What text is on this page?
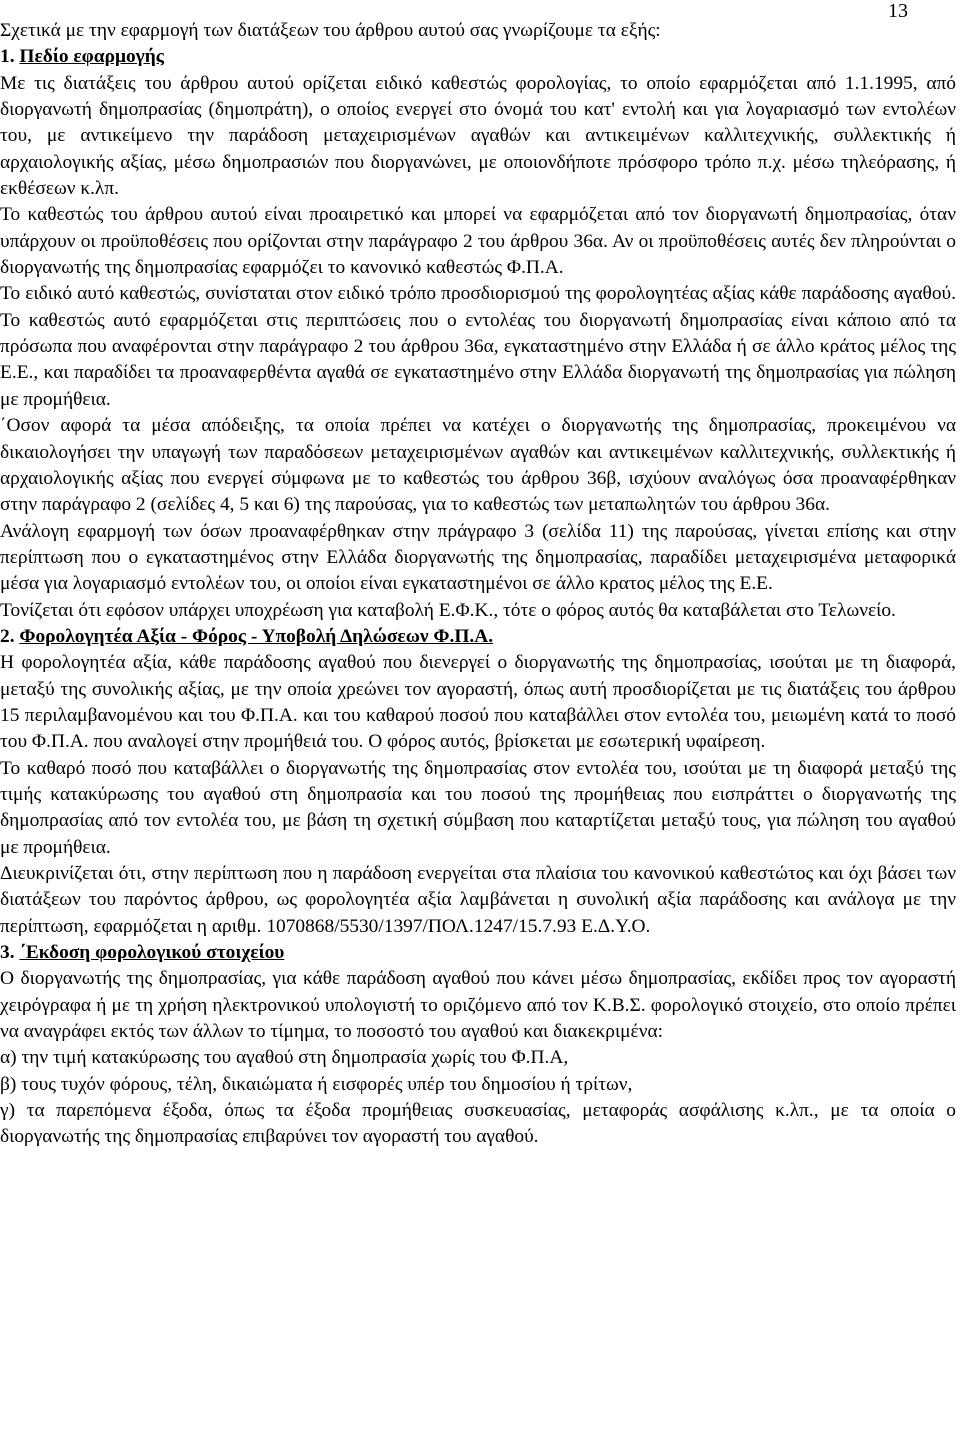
13

Σχετικά με την εφαρμογή των διατάξεων του άρθρου αυτού σας γνωρίζουμε τα εξής:

1. Πεδίο εφαρμογής

Με τις διατάξεις του άρθρου αυτού ορίζεται ειδικό καθεστώς φορολογίας, το οποίο εφαρμόζεται από 1.1.1995, από διοργανωτή δημοπρασίας (δημοπράτη), ο οποίος ενεργεί στο όνομά του κατ' εντολή και για λογαριασμό των εντολέων του, με αντικείμενο την παράδοση μεταχειρισμένων αγαθών και αντικειμένων καλλιτεχνικής, συλλεκτικής ή αρχαιολογικής αξίας, μέσω δημοπρασιών που διοργανώνει, με οποιονδήποτε πρόσφορο τρόπο π.χ. μέσω τηλεόρασης, ή εκθέσεων κ.λπ.

Το καθεστώς του άρθρου αυτού είναι προαιρετικό και μπορεί να εφαρμόζεται από τον διοργανωτή δημοπρασίας, όταν υπάρχουν οι προϋποθέσεις που ορίζονται στην παράγραφο 2 του άρθρου 36α. Αν οι προϋποθέσεις αυτές δεν πληρούνται ο διοργανωτής της δημοπρασίας εφαρμόζει το κανονικό καθεστώς Φ.Π.Α.

Το ειδικό αυτό καθεστώς, συνίσταται στον ειδικό τρόπο προσδιορισμού της φορολογητέας αξίας κάθε παράδοσης αγαθού. Το καθεστώς αυτό εφαρμόζεται στις περιπτώσεις που ο εντολέας του διοργανωτή δημοπρασίας είναι κάποιο από τα πρόσωπα που αναφέρονται στην παράγραφο 2 του άρθρου 36α, εγκαταστημένο στην Ελλάδα ή σε άλλο κράτος μέλος της Ε.Ε., και παραδίδει τα προαναφερθέντα αγαθά σε εγκαταστημένο στην Ελλάδα διοργανωτή της δημοπρασίας για πώληση με προμήθεια.

΄Οσον αφορά τα μέσα απόδειξης, τα οποία πρέπει να κατέχει ο διοργανωτής της δημοπρασίας, προκειμένου να δικαιολογήσει την υπαγωγή των παραδόσεων μεταχειρισμένων αγαθών και αντικειμένων καλλιτεχνικής, συλλεκτικής ή αρχαιολογικής αξίας που ενεργεί σύμφωνα με το καθεστώς του άρθρου 36β, ισχύουν αναλόγως όσα προαναφέρθηκαν στην παράγραφο 2 (σελίδες 4, 5 και 6) της παρούσας, για το καθεστώς των μεταπωλητών του άρθρου 36α.

Ανάλογη εφαρμογή των όσων προαναφέρθηκαν στην πράγραφο 3 (σελίδα 11) της παρούσας, γίνεται επίσης και στην περίπτωση που ο εγκαταστημένος στην Ελλάδα διοργανωτής της δημοπρασίας, παραδίδει μεταχειρισμένα μεταφορικά μέσα για λογαριασμό εντολέων του, οι οποίοι είναι εγκαταστημένοι σε άλλο κρατος μέλος της Ε.Ε.

Τονίζεται ότι εφόσον υπάρχει υποχρέωση για καταβολή Ε.Φ.Κ., τότε ο φόρος αυτός θα καταβάλεται στο Τελωνείο.

2. Φορολογητέα Αξία - Φόρος - Υποβολή Δηλώσεων Φ.Π.Α.

Η φορολογητέα αξία, κάθε παράδοσης αγαθού που διενεργεί ο διοργανωτής της δημοπρασίας, ισούται με τη διαφορά, μεταξύ της συνολικής αξίας, με την οποία χρεώνει τον αγοραστή, όπως αυτή προσδιορίζεται με τις διατάξεις του άρθρου 15 περιλαμβανομένου και του Φ.Π.Α. και του καθαρού ποσού που καταβάλλει στον εντολέα του, μειωμένη κατά το ποσό του Φ.Π.Α. που αναλογεί στην προμήθειά του. Ο φόρος αυτός, βρίσκεται με εσωτερική υφαίρεση.

Το καθαρό ποσό που καταβάλλει ο διοργανωτής της δημοπρασίας στον εντολέα του, ισούται με τη διαφορά μεταξύ της τιμής κατακύρωσης του αγαθού στη δημοπρασία και του ποσού της προμήθειας που εισπράττει ο διοργανωτής της δημοπρασίας από τον εντολέα του, με βάση τη σχετική σύμβαση που καταρτίζεται μεταξύ τους, για πώληση του αγαθού με προμήθεια.

Διευκρινίζεται ότι, στην περίπτωση που η παράδοση ενεργείται στα πλαίσια του κανονικού καθεστώτος και όχι βάσει των διατάξεων του παρόντος άρθρου, ως φορολογητέα αξία λαμβάνεται η συνολική αξία παράδοσης και ανάλογα με την περίπτωση, εφαρμόζεται η αριθμ. 1070868/5530/1397/ΠΟΛ.1247/15.7.93 Ε.Δ.Υ.Ο.

3. ΄Εκδοση φορολογικού στοιχείου

Ο διοργανωτής της δημοπρασίας, για κάθε παράδοση αγαθού που κάνει μέσω δημοπρασίας, εκδίδει προς τον αγοραστή χειρόγραφα ή με τη χρήση ηλεκτρονικού υπολογιστή το οριζόμενο από τον Κ.Β.Σ. φορολογικό στοιχείο, στο οποίο πρέπει να αναγράφει εκτός των άλλων το τίμημα, το ποσοστό του αγαθού και διακεκριμένα:

α) την τιμή κατακύρωσης του αγαθού στη δημοπρασία χωρίς του Φ.Π.Α,

β) τους τυχόν φόρους, τέλη, δικαιώματα ή εισφορές υπέρ του δημοσίου ή τρίτων,

γ) τα παρεπόμενα έξοδα, όπως τα έξοδα προμήθειας συσκευασίας, μεταφοράς ασφάλισης κ.λπ., με τα οποία ο διοργανωτής της δημοπρασίας επιβαρύνει τον αγοραστή του αγαθού.
